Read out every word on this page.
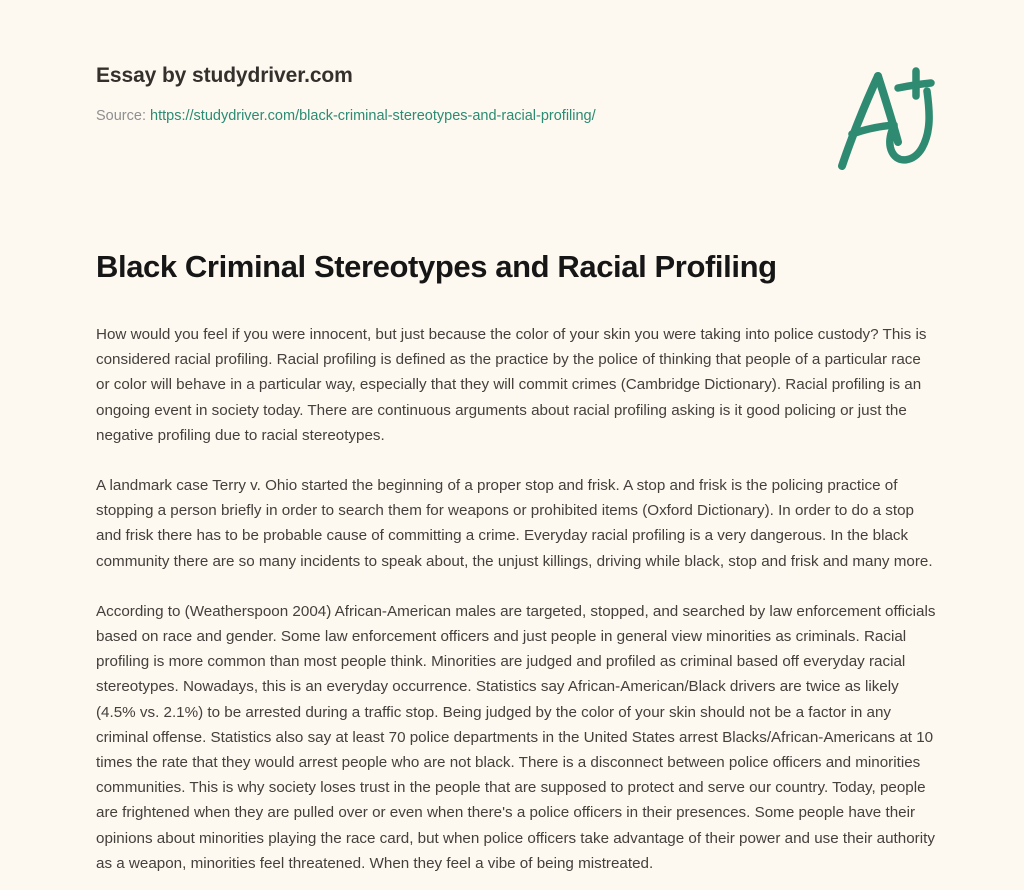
Essay by studydriver.com
Source: https://studydriver.com/black-criminal-stereotypes-and-racial-profiling/
Black Criminal Stereotypes and Racial Profiling

How would you feel if you were innocent, but just because the color of your skin you were taking into police custody? This is considered racial profiling. Racial profiling is defined as the practice by the police of thinking that people of a particular race or color will behave in a particular way, especially that they will commit crimes (Cambridge Dictionary). Racial profiling is an ongoing event in society today. There are continuous arguments about racial profiling asking is it good policing or just the negative profiling due to racial stereotypes.

A landmark case Terry v. Ohio started the beginning of a proper stop and frisk. A stop and frisk is the policing practice of stopping a person briefly in order to search them for weapons or prohibited items (Oxford Dictionary). In order to do a stop and frisk there has to be probable cause of committing a crime. Everyday racial profiling is a very dangerous. In the black community there are so many incidents to speak about, the unjust killings, driving while black, stop and frisk and many more.

According to (Weatherspoon 2004) African-American males are targeted, stopped, and searched by law enforcement officials based on race and gender. Some law enforcement officers and just people in general view minorities as criminals. Racial profiling is more common than most people think. Minorities are judged and profiled as criminal based off everyday racial stereotypes. Nowadays, this is an everyday occurrence. Statistics say African-American/Black drivers are twice as likely (4.5% vs. 2.1%) to be arrested during a traffic stop. Being judged by the color of your skin should not be a factor in any criminal offense. Statistics also say at least 70 police departments in the United States arrest Blacks/African-Americans at 10 times the rate that they would arrest people who are not black. There is a disconnect between police officers and minorities communities. This is why society loses trust in the people that are supposed to protect and serve our country. Today, people are frightened when they are pulled over or even when there's a police officers in their presences. Some people have their opinions about minorities playing the race card, but when police officers take advantage of their power and use their authority as a weapon, minorities feel threatened. When they feel a vibe of being mistreated.
